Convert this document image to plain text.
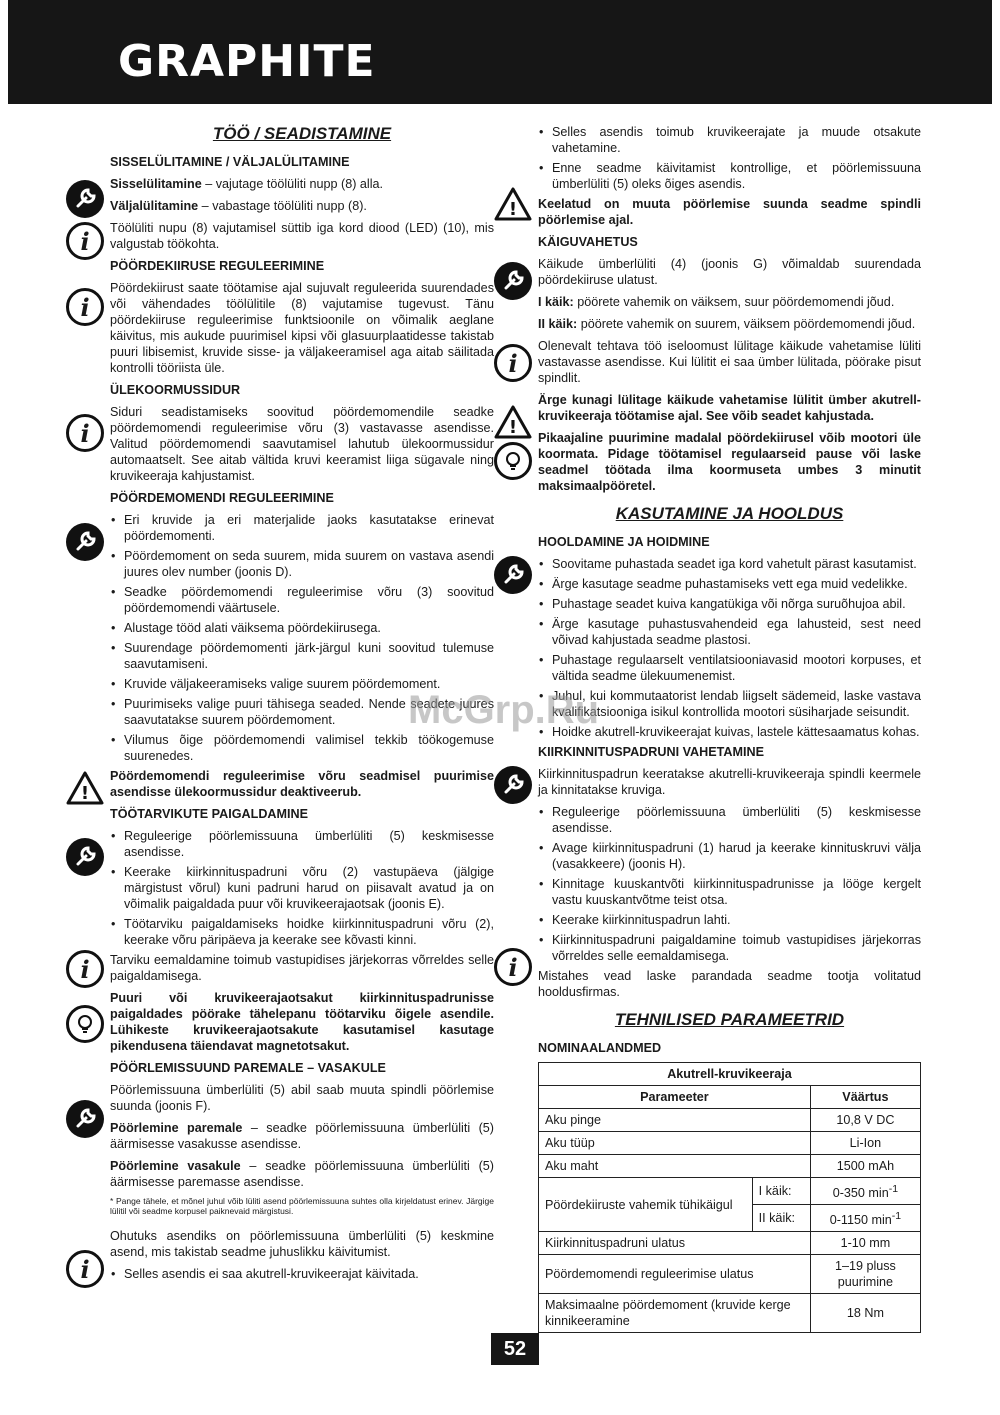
GRAPHITE
i
i
i
!
i
i
!
i
!
i
TÖÖ / SEADISTAMINE
SISSELÜLITAMINE / VÄLJALÜLITAMINE

Sisselülitamine – vajutage töölüliti nupp (8) alla.

Väljalülitamine – vabastage töölüliti nupp (8).

Töölüliti nupu (8) vajutamisel süttib iga kord diood (LED) (10), mis valgustab töökohta.

PÖÖRDEKIIRUSE REGULEERIMINE

Pöördekiirust saate töötamise ajal sujuvalt reguleerida suurendades või vähendades töölülitile (8) vajutamise tugevust. Tänu pöördekiiruse reguleerimise funktsioonile on võimalik aeglane käivitus, mis aukude puurimisel kipsi või glasuurplaatidesse takistab puuri libisemist, kruvide sisse- ja väljakeeramisel aga aitab säilitada kontrolli tööriista üle.

ÜLEKOORMUSSIDUR

Siduri seadistamiseks soovitud pöördemomendile seadke pöördemomendi reguleerimise võru (3) vastavasse asendisse. Valitud pöördemomendi saavutamisel lahutub ülekoormussidur automaatselt. See aitab vältida kruvi keeramist liiga sügavale ning kruvikeeraja kahjustamist.

PÖÖRDEMOMENDI REGULEERIMINE
• Eri kruvide ja eri materjalide jaoks kasutatakse erinevat pöördemomenti.
• Pöördemoment on seda suurem, mida suurem on vastava asendi juures olev number (joonis D).
• Seadke pöördemomendi reguleerimise võru (3) soovitud pöördemomendi väärtusele.
• Alustage tööd alati väiksema pöördekiirusega.
• Suurendage pöördemomenti järk-järgul kuni soovitud tulemuse saavutamiseni.
• Kruvide väljakeeramiseks valige suurem pöördemoment.
• Puurimiseks valige puuri tähisega seaded. Nende seadete juures saavutatakse suurem pöördemoment.
• Vilumus õige pöördemomendi valimisel tekkib töökogemuse suurenedes.

Pöördemomendi reguleerimise võru seadmisel puurimise asendisse ülekoormussidur deaktiveerub.

TÖÖTARVIKUTE PAIGALDAMINE
• Reguleerige pöörlemissuuna ümberlüliti (5) keskmisesse asendisse.
• Keerake kiirkinnituspadruni võru (2) vastupäeva (jälgige märgistust võrul) kuni padruni harud on piisavalt avatud ja on võimalik paigaldada puur või kruvikeerajaotsak (joonis E).
• Töötarviku paigaldamiseks hoidke kiirkinnituspadruni võru (2), keerake võru päripäeva ja keerake see kõvasti kinni.

Tarviku eemaldamine toimub vastupidises järjekorras võrreldes selle paigaldamisega.

Puuri või kruvikeerajaotsakut kiirkinnituspadrunisse paigaldades pöörake tähelepanu töötarviku õigele asendile. Lühikeste kruvikeerajaotsakute kasutamisel kasutage pikendusena täiendavat magnetotsakut.

PÖÖRLEMISSUUND PAREMALE – VASAKULE

Pöörlemissuuna ümberlüliti (5) abil saab muuta spindli pöörlemise suunda (joonis F).

Pöörlemine paremale – seadke pöörlemissuuna ümberlüliti (5) äärmisesse vasakusse asendisse.

Pöörlemine vasakule – seadke pöörlemissuuna ümberlüliti (5) äärmisesse paremasse asendisse.

* Pange tähele, et mõnel juhul võib lüliti asend pöörlemissuuna suhtes olla kirjeldatust erinev. Järgige lülitil või seadme korpusel paiknevaid märgistusi.

Ohutuks asendiks on pöörlemissuuna ümberlüliti (5) keskmine asend, mis takistab seadme juhuslikku käivitumist.

• Selles asendis ei saa akutrell-kruvikeerajat käivitada.
• Selles asendis toimub kruvikeerajate ja muude otsakute vahetamine.
• Enne seadme käivitamist kontrollige, et pöörlemissuuna ümberlüliti (5) oleks õiges asendis.

Keelatud on muuta pöörlemise suunda seadme spindli pöörlemise ajal.

KÄIGUVAHETUS

Käikude ümberlüliti (4) (joonis G) võimaldab suurendada pöördekiiruse ulatust.

I käik: pöörete vahemik on väiksem, suur pöördemomendi jõud.

II käik: pöörete vahemik on suurem, väiksem pöördemomendi jõud.

Olenevalt tehtava töö iseloomust lülitage käikude vahetamise lüliti vastavasse asendisse. Kui lülitit ei saa ümber lülitada, pöörake pisut spindlit.

Ärge kunagi lülitage käikude vahetamise lülitit ümber akutrell-kruvikeeraja töötamise ajal. See võib seadet kahjustada.

Pikaajaline puurimine madalal pöördekiirusel võib mootori üle koormata. Pidage töötamisel regulaarseid pause või laske seadmel töötada ilma koormuseta umbes 3 minutit maksimaalpööretel.

KASUTAMINE JA HOOLDUS
HOOLDAMINE JA HOIDMINE
• Soovitame puhastada seadet iga kord vahetult pärast kasutamist.
• Ärge kasutage seadme puhastamiseks vett ega muid vedelikke.
• Puhastage seadet kuiva kangatükiga või nõrga suruõhujoa abil.
• Ärge kasutage puhastusvahendeid ega lahusteid, sest need võivad kahjustada seadme plastosi.
• Puhastage regulaarselt ventilatsiooniavasid mootori korpuses, et vältida seadme ülekuumenemist.
• Juhul, kui kommutaatorist lendab liigselt sädemeid, laske vastava kvalifikatsiooniga isikul kontrollida mootori süsiharjade seisundit.
• Hoidke akutrell-kruvikeerajat kuivas, lastele kättesaamatus kohas.
KIIRKINNITUSPADRUNI VAHETAMINE

Kiirkinnituspadrun keeratakse akutrelli-kruvikeeraja spindli keermele ja kinnitatakse kruviga.

• Reguleerige pöörlemissuuna ümberlüliti (5) keskmisesse asendisse.
• Avage kiirkinnituspadruni (1) harud ja keerake kinnituskruvi välja (vasakkeere) (joonis H).
• Kinnitage kuuskantvõti kiirkinnituspadrunisse ja lööge kergelt vastu kuuskantvõtme teist otsa.
• Keerake kiirkinnituspadrun lahti.
• Kiirkinnituspadruni paigaldamine toimub vastupidises järjekorras võrreldes selle eemaldamisega.

Mistahes vead laske parandada seadme tootja volitatud hooldusfirmas.

TEHNILISED PARAMEETRID
NOMINAALANDMED
Akutrell-kruvikeeraja		
Parameeter		Väärtus
Aku pinge		10,8 V DC
Aku tüüp		Li-Ion
Aku maht		1500 mAh
Pöördekiiruste vahemik tühikäigul	I käik:	0-350 $\min^{-1}$
	II käik:	0-1150 $\min^{-1}$
Kiirkinnituspadruni ulatus		1-10 mm
Pöördemomendi reguleerimise ulatus		1–19 pluss puurimine
Maksimaalne pöördemoment (kruvide kerge kinnikeeramine		18 Nm
McGrp.Ru
52
